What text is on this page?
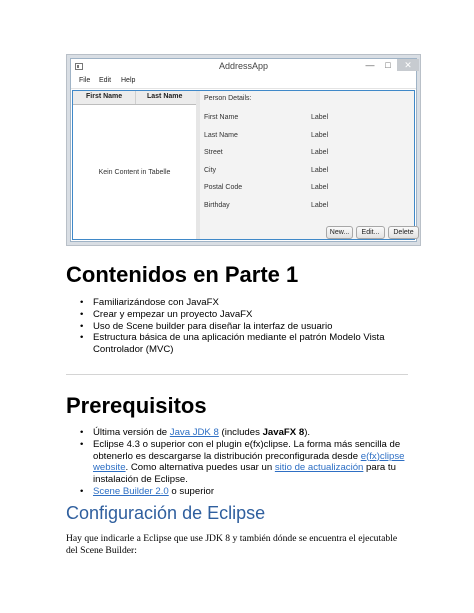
AddressApp	—	□	✕
File Edit Help
First Name	Last Name
Kein Content in Tabelle
Person Details:
First Name	Label
Last Name	Label
Street	Label
City	Label
Postal Code	Label
Birthday	Label
New...	Edit...	Delete
Contenidos en Parte 1
• Familiarizándose con JavaFX
• Crear y empezar un proyecto JavaFX
• Uso de Scene builder para diseñar la interfaz de usuario
• Estructura básica de una aplicación mediante el patrón Modelo Vista Controlador (MVC)
Prerequisitos
• Última versión de Java JDK 8 (includes JavaFX 8).
• Eclipse 4.3 o superior con el plugin e(fx)clipse. La forma más sencilla de obtenerlo es descargarse la distribución preconfigurada desde e(fx)clipse website. Como alternativa puedes usar un sitio de actualización para tu instalación de Eclipse.
• Scene Builder 2.0 o superior
Configuración de Eclipse
Hay que indicarle a Eclipse que use JDK 8 y también dónde se encuentra el ejecutable del Scene Builder:
